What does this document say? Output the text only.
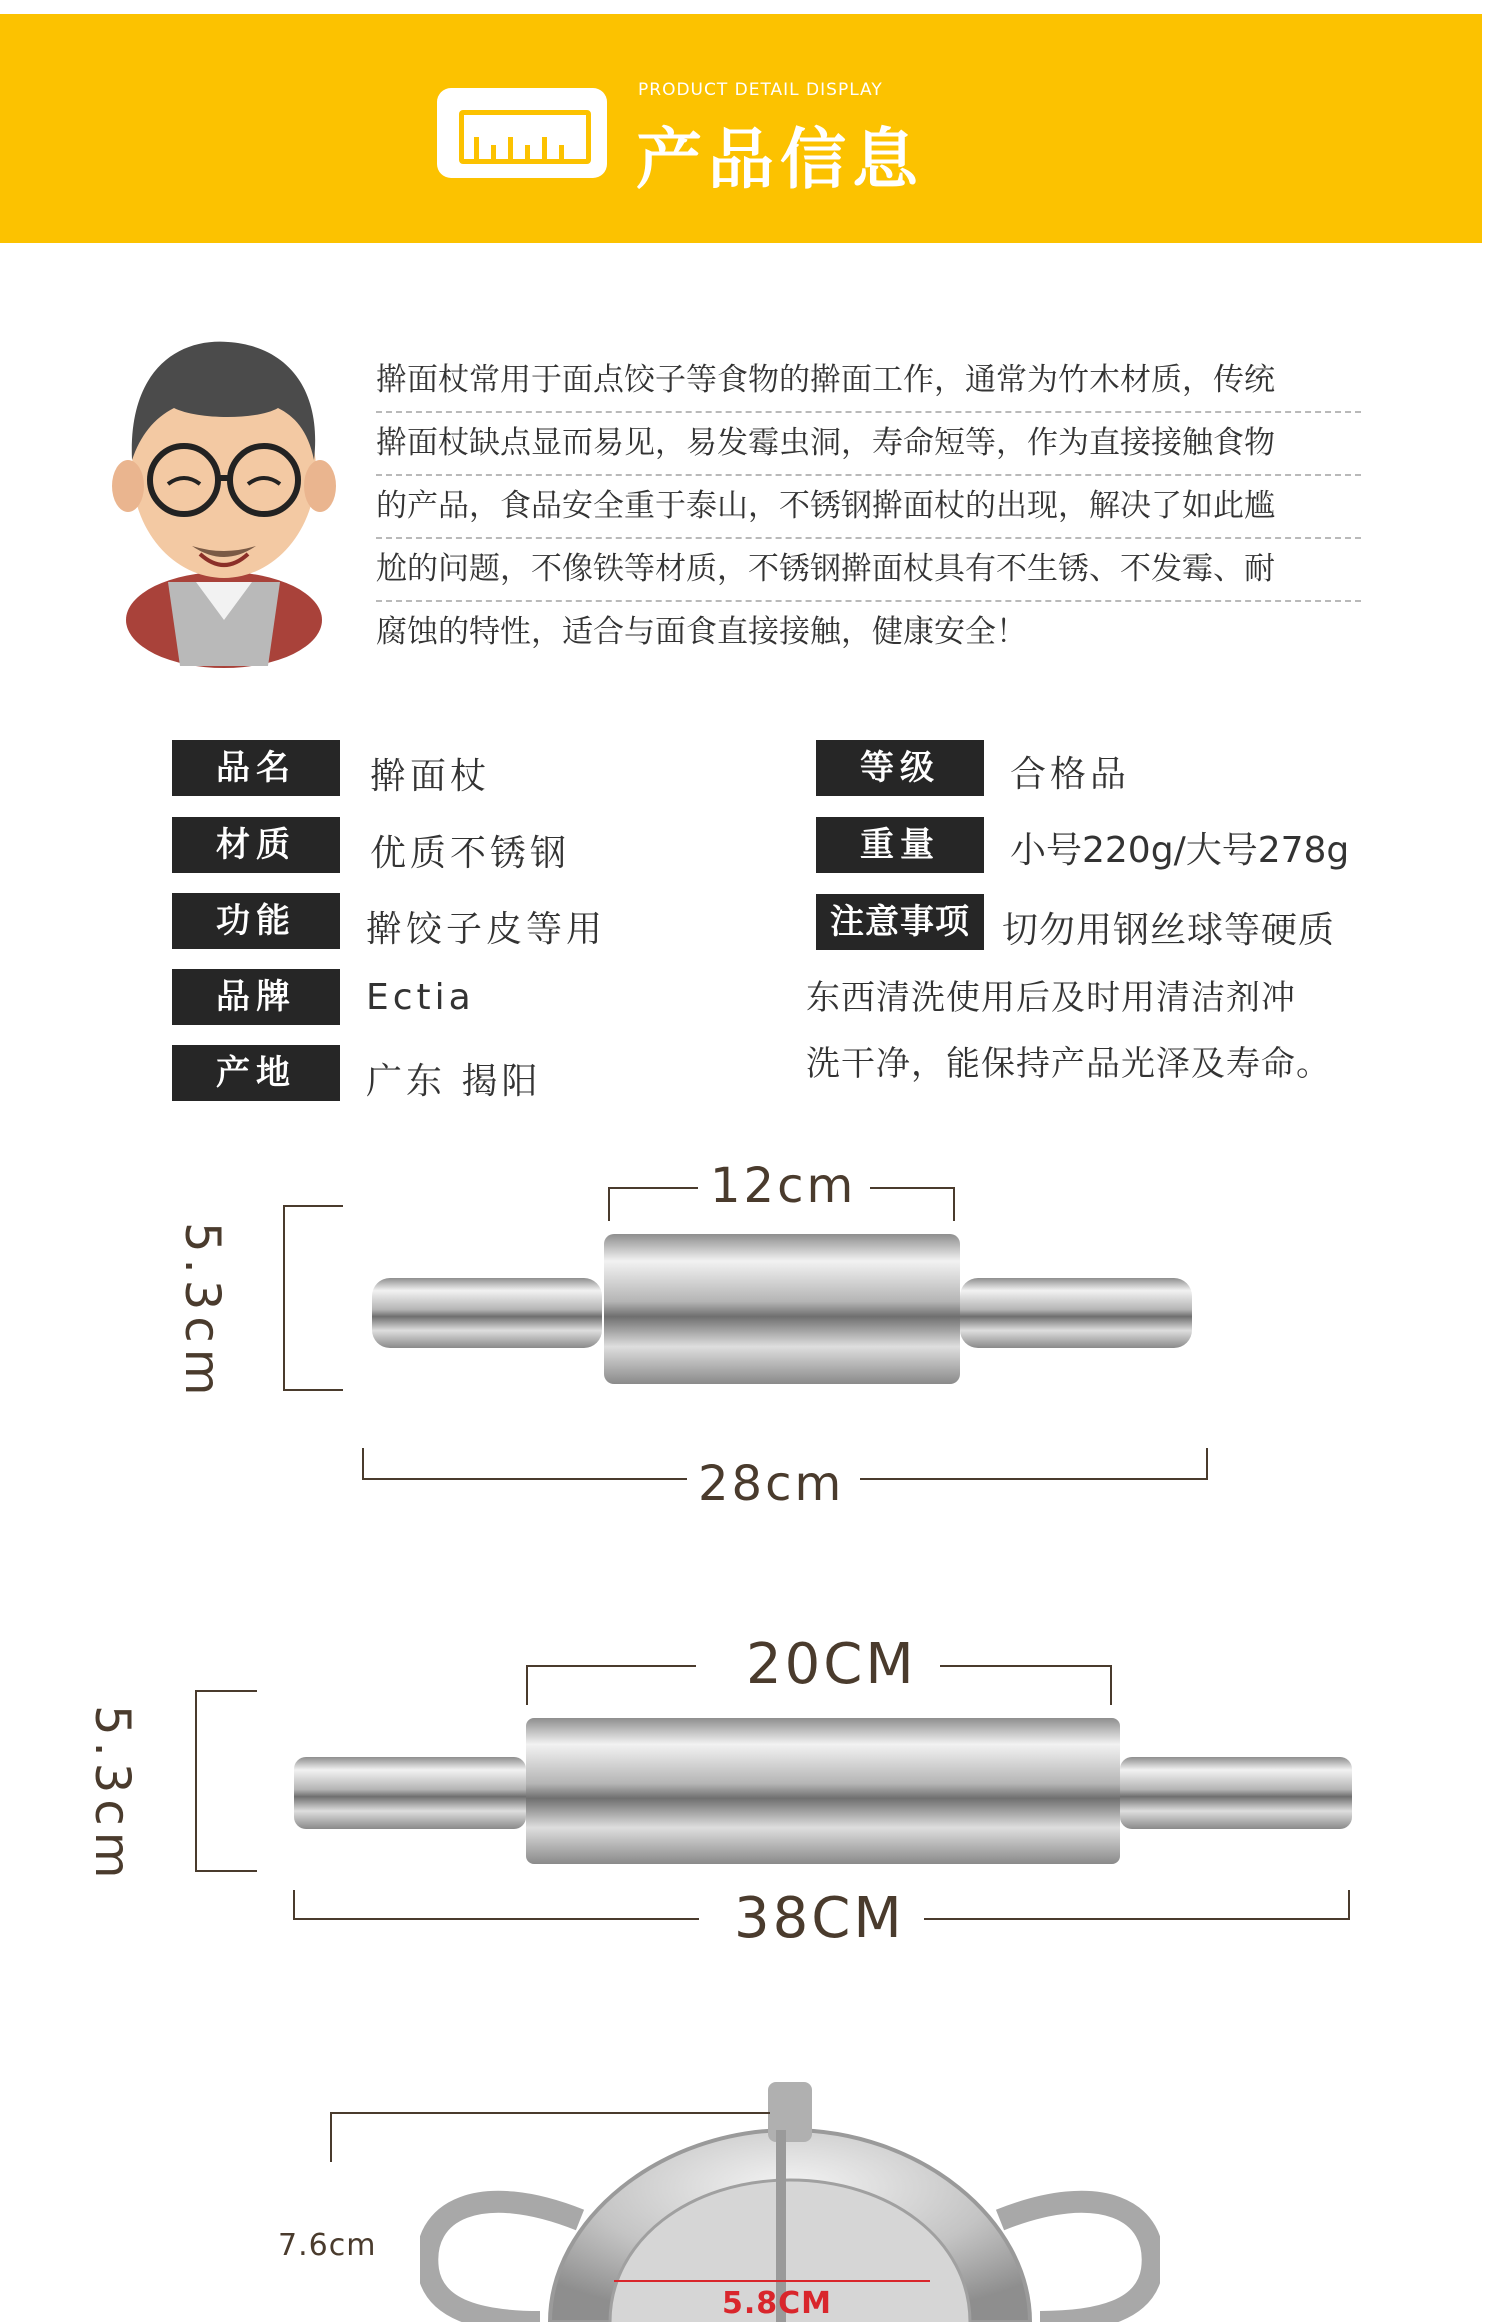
PRODUCT DETAIL DISPLAY
产品信息
擀面杖常用于面点饺子等食物的擀面工作，通常为竹木材质，传统
擀面杖缺点显而易见，易发霉虫洞，寿命短等，作为直接接触食物
的产品，食品安全重于泰山，不锈钢擀面杖的出现，解决了如此尴
尬的问题，不像铁等材质，不锈钢擀面杖具有不生锈、不发霉、耐
腐蚀的特性，适合与面食直接接触，健康安全！
品名	擀面杖
材质	优质不锈钢
功能	擀饺子皮等用
品牌	Ectia
产地	广东 揭阳
等级	合格品
重量	小号220g/大号278g
注意事项 切勿用钢丝球等硬质
东西清洗使用后及时用清洁剂冲
洗干净，能保持产品光泽及寿命。
12cm
5.3cm
28cm
20CM
5.3cm
38CM
7.6cm
5.8CM
